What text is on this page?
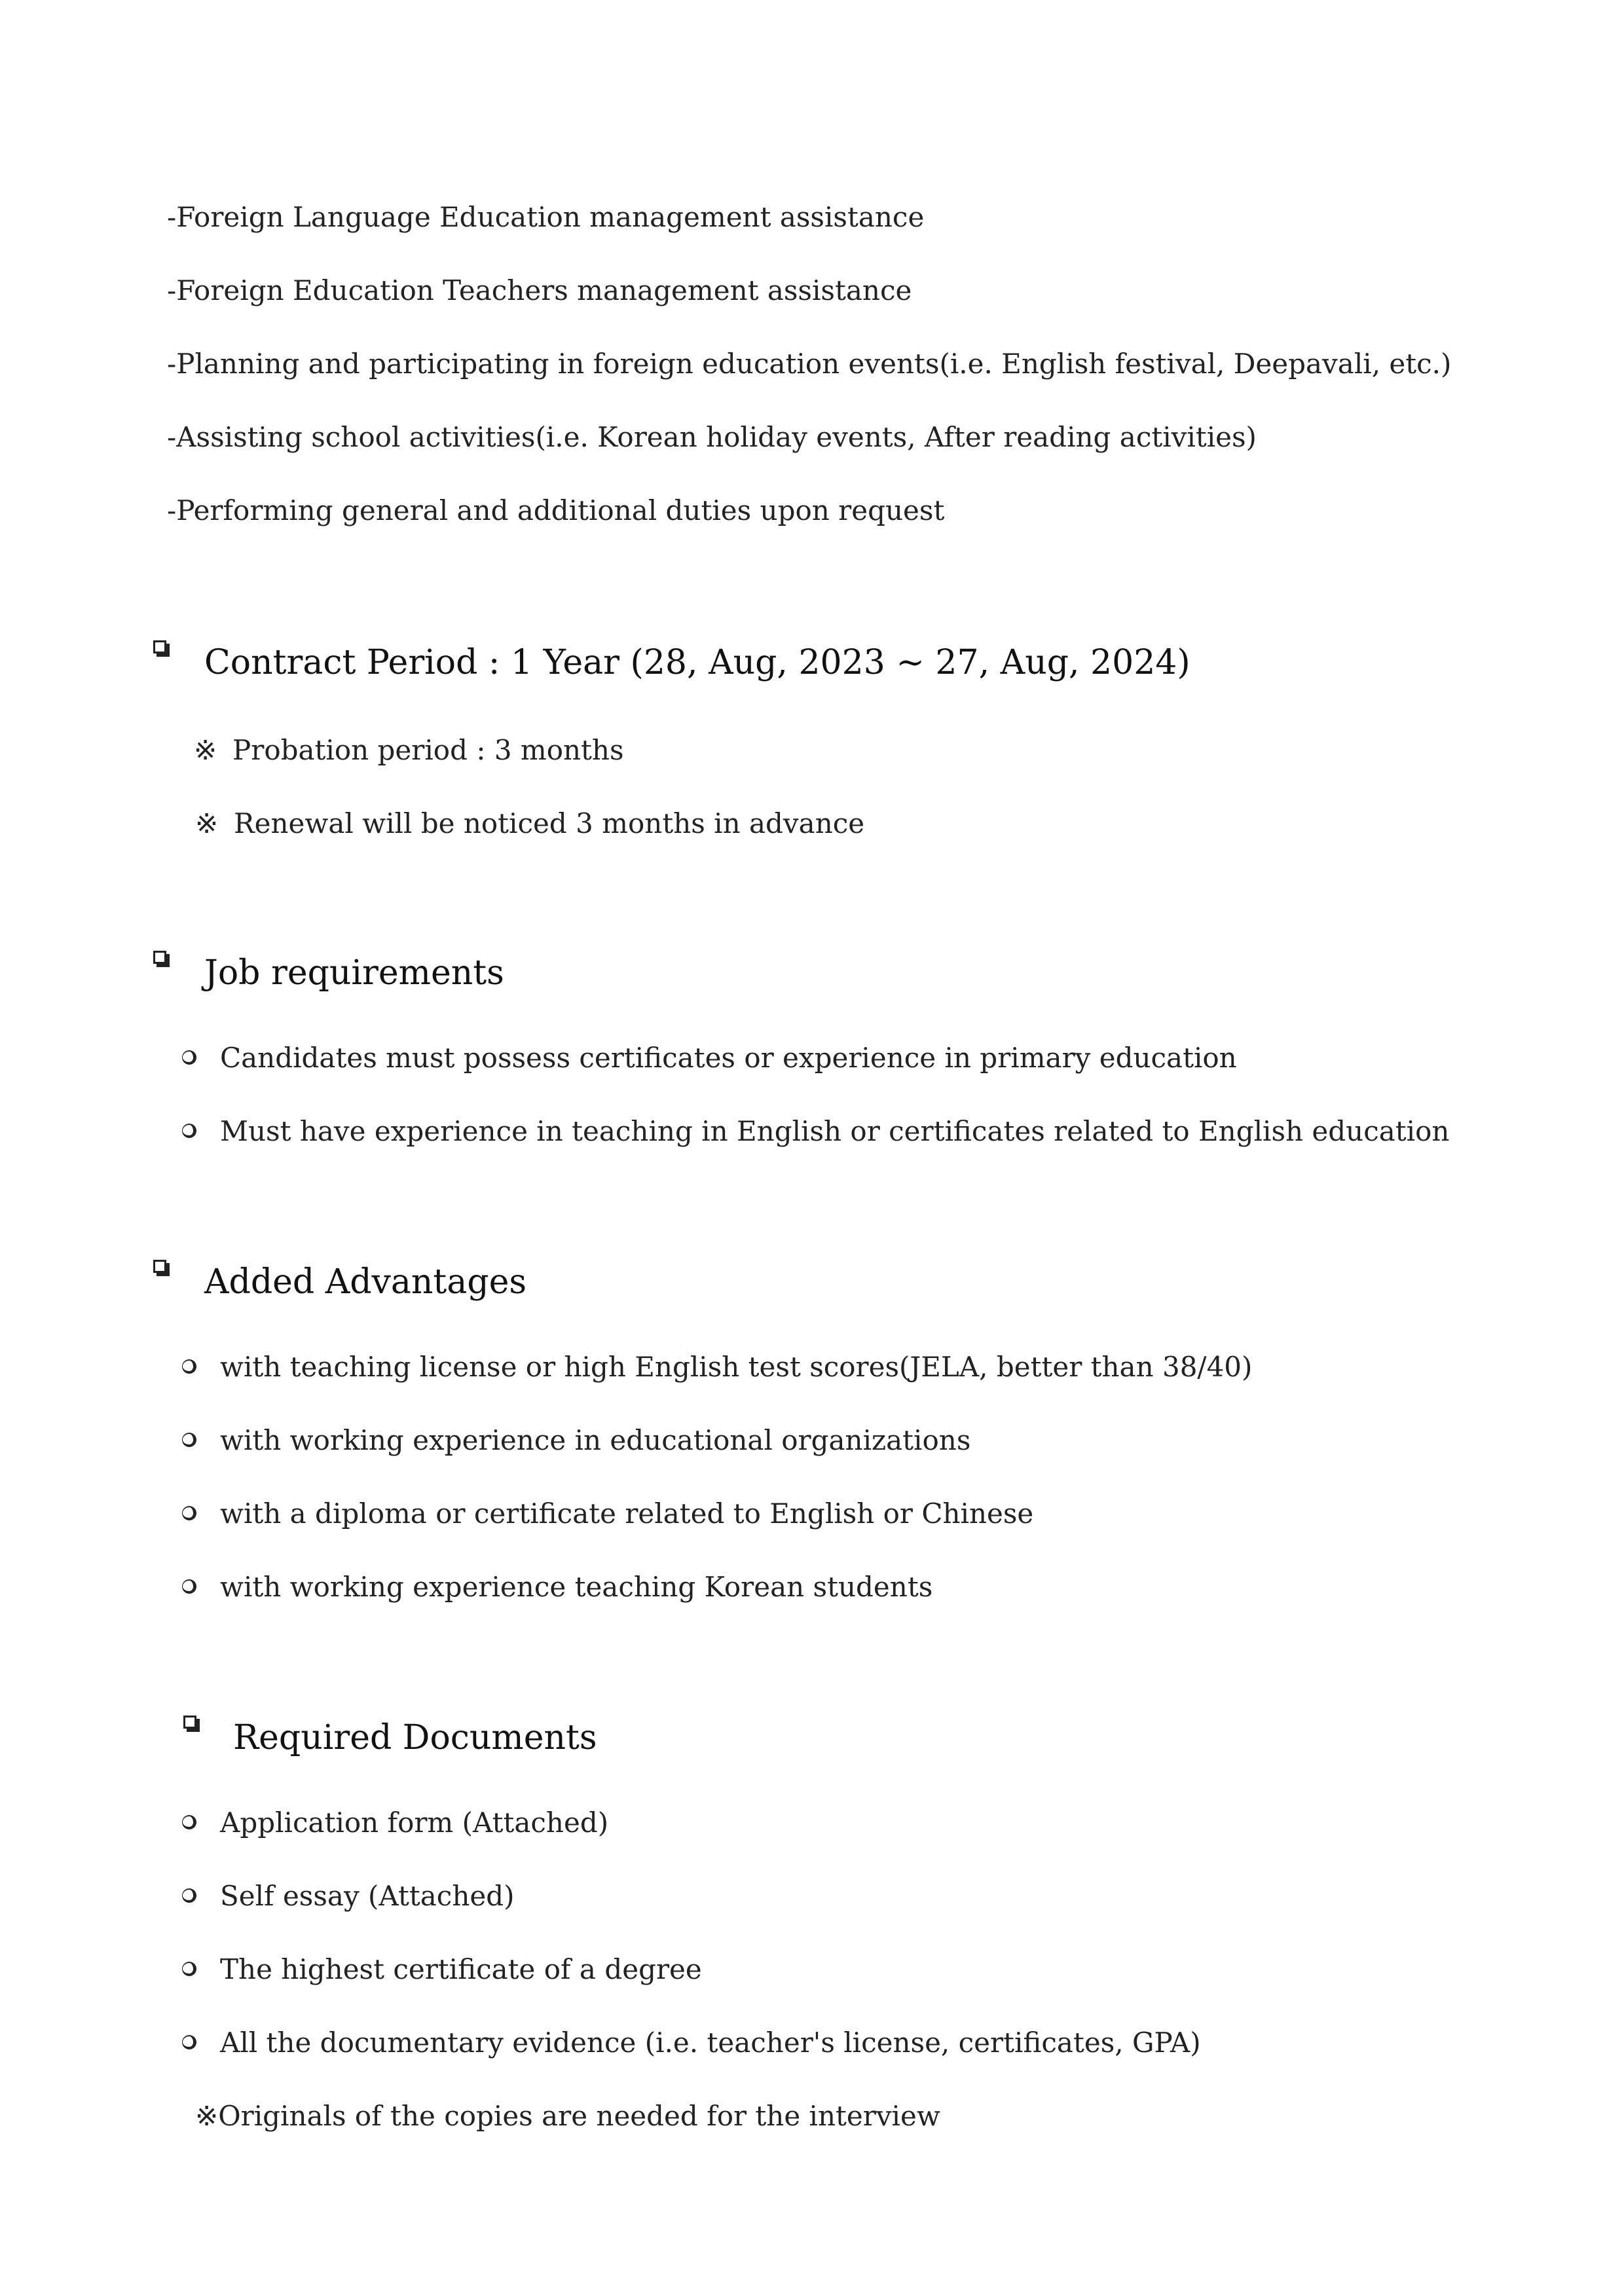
-Foreign Language Education management assistance
-Foreign Education Teachers management assistance
-Planning and participating in foreign education events(i.e. English festival, Deepavali, etc.)
-Assisting school activities(i.e. Korean holiday events, After reading activities)
-Performing general and additional duties upon request
Contract Period : 1 Year (28, Aug, 2023 ~ 27, Aug, 2024)
※ Probation period : 3 months
※ Renewal will be noticed 3 months in advance
Job requirements
Candidates must possess certificates or experience in primary education
Must have experience in teaching in English or certificates related to English education
Added Advantages
with teaching license or high English test scores(JELA, better than 38/40)
with working experience in educational organizations
with a diploma or certificate related to English or Chinese
with working experience teaching Korean students
Required Documents
Application form (Attached)
Self essay (Attached)
The highest certificate of a degree
All the documentary evidence (i.e. teacher's license, certificates, GPA)
※Originals of the copies are needed for the interview
